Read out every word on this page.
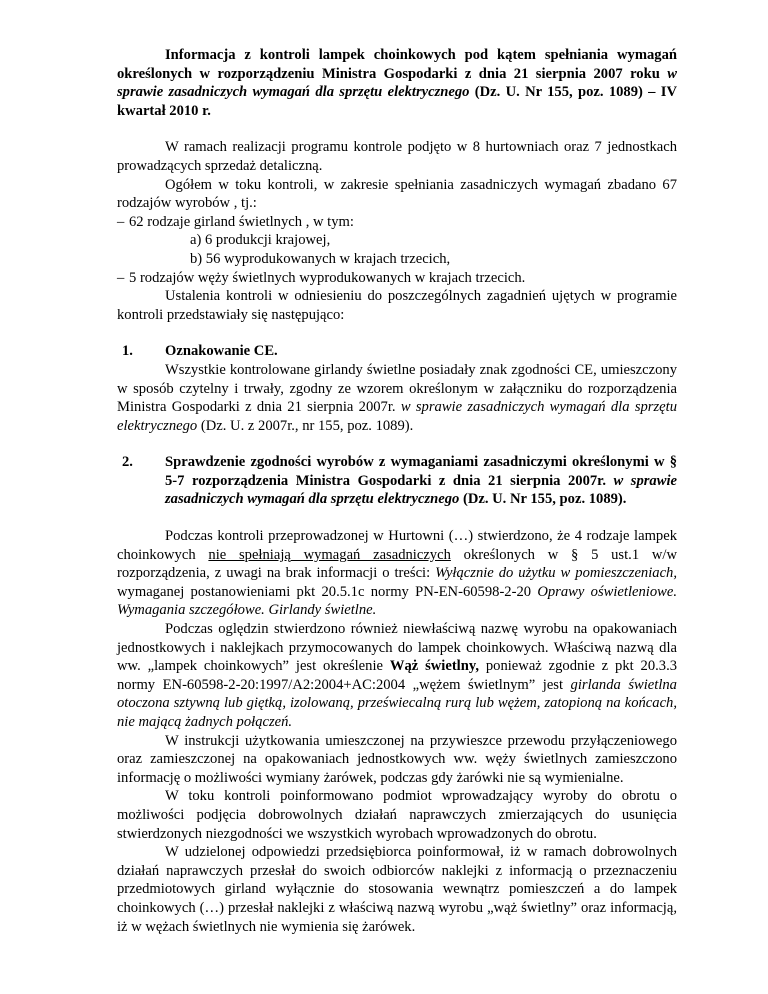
Informacja z kontroli lampek choinkowych pod kątem spełniania wymagań określonych w rozporządzeniu Ministra Gospodarki z dnia 21 sierpnia 2007 roku w sprawie zasadniczych wymagań dla sprzętu elektrycznego (Dz. U. Nr 155, poz. 1089) – IV kwartał 2010 r.

W ramach realizacji programu kontrole podjęto w 8 hurtowniach oraz 7 jednostkach prowadzących sprzedaż detaliczną.

Ogółem w toku kontroli, w zakresie spełniania zasadniczych wymagań zbadano 67 rodzajów wyrobów , tj.:

– 62 rodzaje girland świetlnych , w tym:

a) 6 produkcji krajowej,

b) 56 wyprodukowanych w krajach trzecich,

– 5 rodzajów węży świetlnych wyprodukowanych w krajach trzecich.

Ustalenia kontroli w odniesieniu do poszczególnych zagadnień ujętych w programie kontroli przedstawiały się następująco:

1. Oznakowanie CE.

Wszystkie kontrolowane girlandy świetlne posiadały znak zgodności CE, umieszczony w sposób czytelny i trwały, zgodny ze wzorem określonym w załączniku do rozporządzenia Ministra Gospodarki z dnia 21 sierpnia 2007r. w sprawie zasadniczych wymagań dla sprzętu elektrycznego (Dz. U. z 2007r., nr 155, poz. 1089).

2. Sprawdzenie zgodności wyrobów z wymaganiami zasadniczymi określonymi w § 5-7 rozporządzenia Ministra Gospodarki z dnia 21 sierpnia 2007r. w sprawie zasadniczych wymagań dla sprzętu elektrycznego (Dz. U. Nr 155, poz. 1089).

Podczas kontroli przeprowadzonej w Hurtowni (…) stwierdzono, że 4 rodzaje lampek choinkowych nie spełniają wymagań zasadniczych określonych w § 5 ust.1 w/w rozporządzenia, z uwagi na brak informacji o treści: Wyłącznie do użytku w pomieszczeniach, wymaganej postanowieniami pkt 20.5.1c normy PN-EN-60598-2-20 Oprawy oświetleniowe. Wymagania szczegółowe. Girlandy świetlne.

Podczas oględzin stwierdzono również niewłaściwą nazwę wyrobu na opakowaniach jednostkowych i naklejkach przymocowanych do lampek choinkowych. Właściwą nazwą dla ww. „lampek choinkowych” jest określenie Wąż świetlny, ponieważ zgodnie z pkt 20.3.3 normy EN-60598-2-20:1997/A2:2004+AC:2004 „wężem świetlnym” jest girlanda świetlna otoczona sztywną lub giętką, izolowaną, przeświecalną rurą lub wężem, zatopioną na końcach, nie mającą żadnych połączeń.

W instrukcji użytkowania umieszczonej na przywieszce przewodu przyłączeniowego oraz zamieszczonej na opakowaniach jednostkowych ww. węży świetlnych zamieszczono informację o możliwości wymiany żarówek, podczas gdy żarówki nie są wymienialne.

W toku kontroli poinformowano podmiot wprowadzający wyroby do obrotu o możliwości podjęcia dobrowolnych działań naprawczych zmierzających do usunięcia stwierdzonych niezgodności we wszystkich wyrobach wprowadzonych do obrotu.

W udzielonej odpowiedzi przedsiębiorca poinformował, iż w ramach dobrowolnych działań naprawczych przesłał do swoich odbiorców naklejki z informacją o przeznaczeniu przedmiotowych girland wyłącznie do stosowania wewnątrz pomieszczeń a do lampek choinkowych (…) przesłał naklejki z właściwą nazwą wyrobu „wąż świetlny” oraz informacją, iż w wężach świetlnych nie wymienia się żarówek.
